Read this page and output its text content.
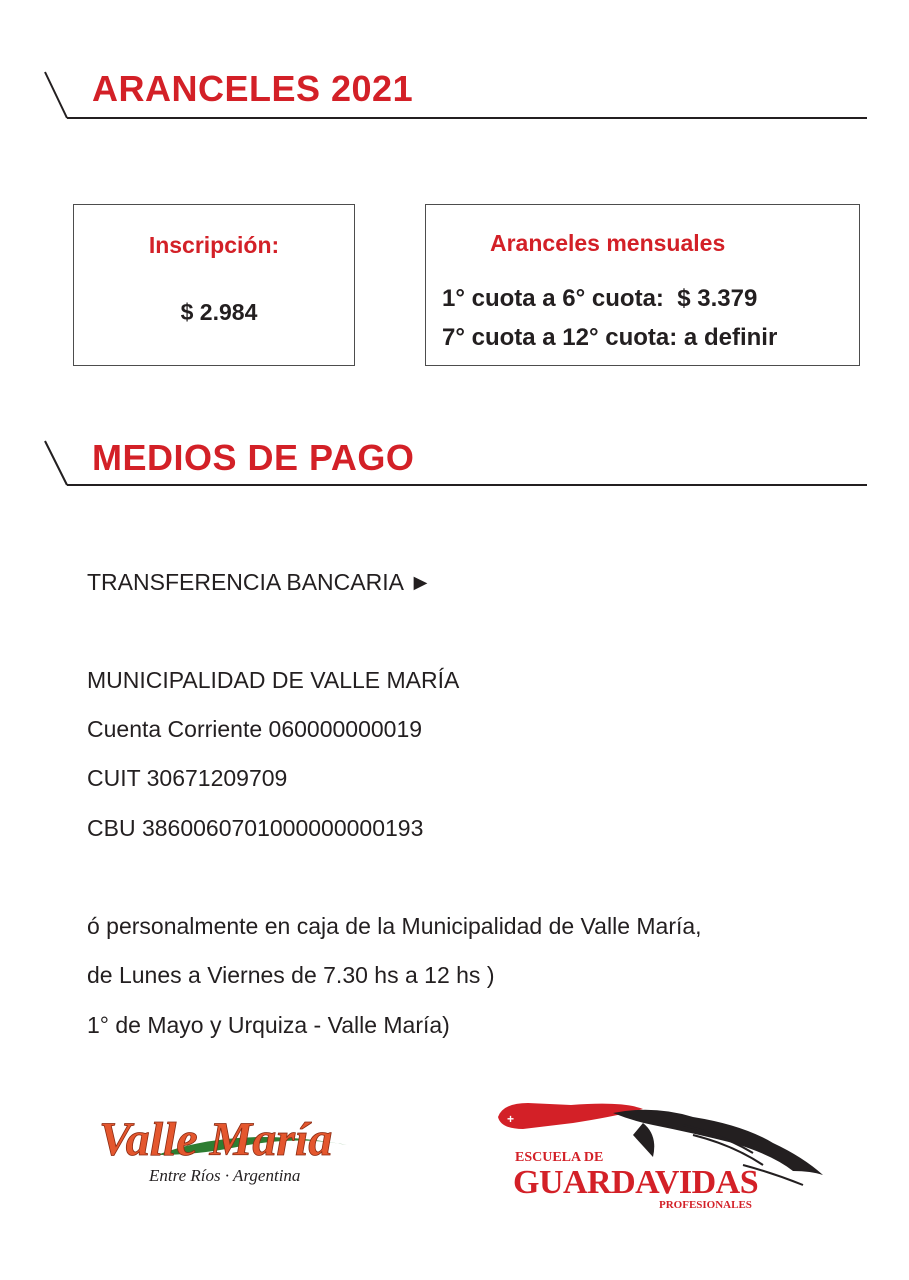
ARANCELES 2021
Inscripción:
$ 2.984
Aranceles mensuales
1° cuota a 6° cuota:  $ 3.379
7° cuota a 12° cuota: a definir
MEDIOS DE PAGO
TRANSFERENCIA BANCARIA ►
MUNICIPALIDAD DE VALLE MARÍA
Cuenta Corriente 060000000019
CUIT 30671209709
CBU 3860060701000000000193
ó personalmente en caja de la Municipalidad de Valle María,
de Lunes a Viernes de 7.30 hs a 12 hs )
1° de Mayo y Urquiza - Valle María)
Valle María
Entre Ríos · Argentina
+
ESCUELA DE
GUARDAVIDAS
PROFESIONALES
